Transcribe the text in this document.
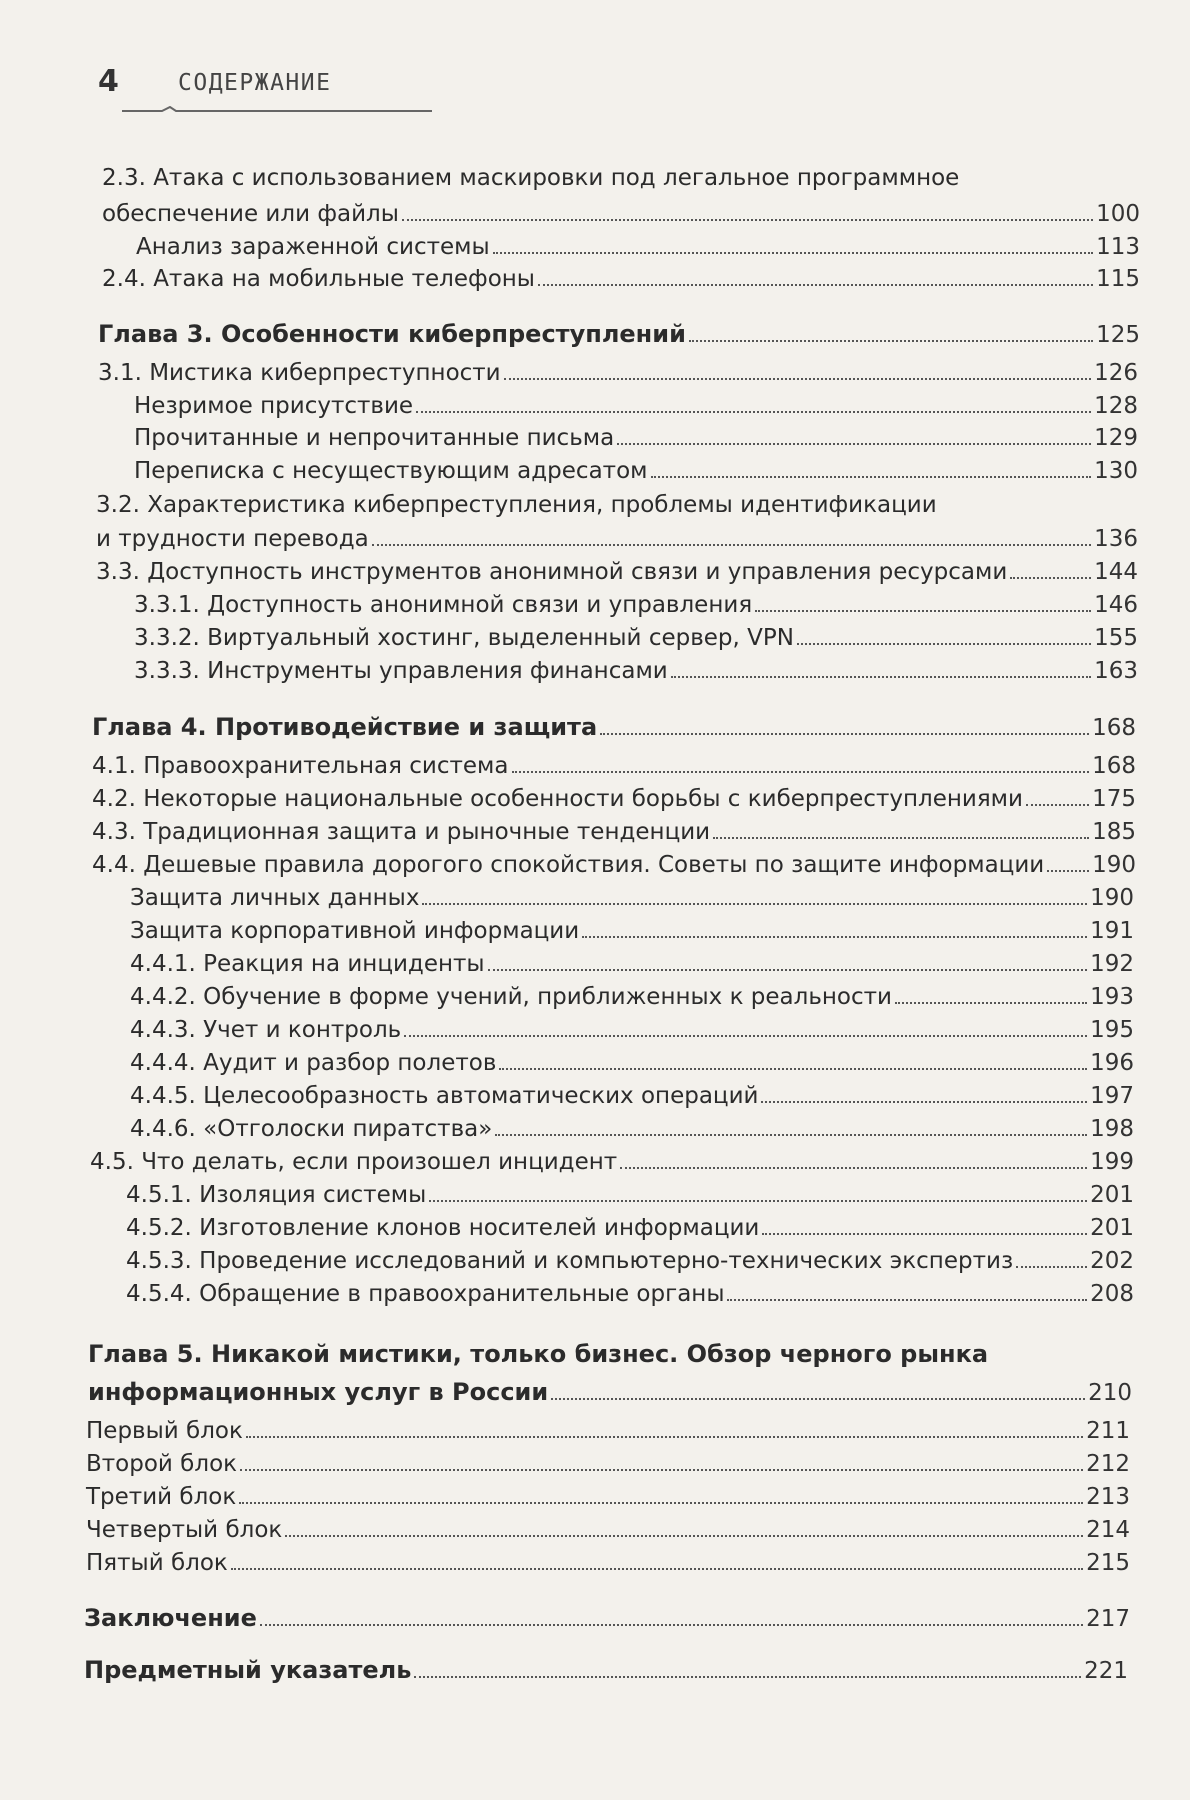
4	СОДЕРЖАНИЕ
2.3. Атака с использованием маскировки под легальное программное
обеспечение или файлы	100
Анализ зараженной системы	113
2.4. Атака на мобильные телефоны	115
Глава 3. Особенности киберпреступлений	125
3.1. Мистика киберпреступности	126
Незримое присутствие	128
Прочитанные и непрочитанные письма	129
Переписка с несуществующим адресатом	130
3.2. Характеристика киберпреступления, проблемы идентификации
и трудности перевода	136
3.3. Доступность инструментов анонимной связи и управления ресурсами	144
3.3.1. Доступность анонимной связи и управления	146
3.3.2. Виртуальный хостинг, выделенный сервер, VPN	155
3.3.3. Инструменты управления финансами	163
Глава 4. Противодействие и защита	168
4.1. Правоохранительная система	168
4.2. Некоторые национальные особенности борьбы с киберпреступлениями	175
4.3. Традиционная защита и рыночные тенденции	185
4.4. Дешевые правила дорогого спокойствия. Советы по защите информации 190
Защита личных данных	190
Защита корпоративной информации	191
4.4.1. Реакция на инциденты	192
4.4.2. Обучение в форме учений, приближенных к реальности	193
4.4.3. Учет и контроль	195
4.4.4. Аудит и разбор полетов	196
4.4.5. Целесообразность автоматических операций	197
4.4.6. «Отголоски пиратства»	198
4.5. Что делать, если произошел инцидент	199
4.5.1. Изоляция системы	201
4.5.2. Изготовление клонов носителей информации	201
4.5.3. Проведение исследований и компьютерно-технических экспертиз	202
4.5.4. Обращение в правоохранительные органы	208
Глава 5. Никакой мистики, только бизнес. Обзор черного рынка
информационных услуг в России	210
Первый блок	211
Второй блок	212
Третий блок	213
Четвертый блок	214
Пятый блок	215
Заключение	217
Предметный указатель	221
